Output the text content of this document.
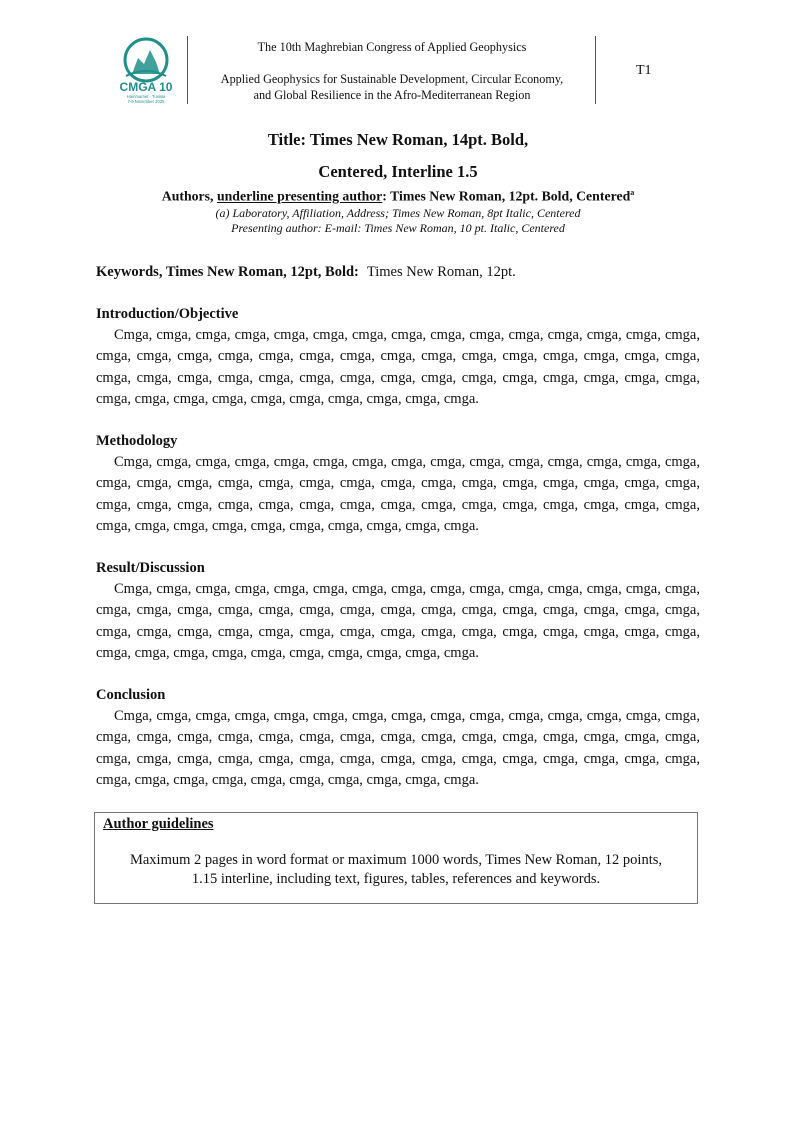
CMGA 10
Hammamet - Tunisia
7-9 November 2025
The 10th Maghrebian Congress of Applied Geophysics
Applied Geophysics for Sustainable Development, Circular Economy,
and Global Resilience in the Afro-Mediterranean Region
T1
Title: Times New Roman, 14pt. Bold,
Centered, Interline 1.5
Authors, underline presenting author: Times New Roman, 12pt. Bold, Centered$^a$
(a) Laboratory, Affiliation, Address; Times New Roman, 8pt Italic, Centered
Presenting author: E-mail: Times New Roman, 10 pt. Italic, Centered
Keywords, Times New Roman, 12pt, Bold: Times New Roman, 12pt.
Introduction/Objective

Cmga, cmga, cmga, cmga, cmga, cmga, cmga, cmga, cmga, cmga, cmga, cmga, cmga, cmga, cmga, cmga, cmga, cmga, cmga, cmga, cmga, cmga, cmga, cmga, cmga, cmga, cmga, cmga, cmga, cmga, cmga, cmga, cmga, cmga, cmga, cmga, cmga, cmga, cmga, cmga, cmga, cmga, cmga, cmga, cmga, cmga, cmga, cmga, cmga, cmga, cmga, cmga, cmga, cmga, cmga.

Methodology

Cmga, cmga, cmga, cmga, cmga, cmga, cmga, cmga, cmga, cmga, cmga, cmga, cmga, cmga, cmga, cmga, cmga, cmga, cmga, cmga, cmga, cmga, cmga, cmga, cmga, cmga, cmga, cmga, cmga, cmga, cmga, cmga, cmga, cmga, cmga, cmga, cmga, cmga, cmga, cmga, cmga, cmga, cmga, cmga, cmga, cmga, cmga, cmga, cmga, cmga, cmga, cmga, cmga, cmga, cmga.

Result/Discussion

Cmga, cmga, cmga, cmga, cmga, cmga, cmga, cmga, cmga, cmga, cmga, cmga, cmga, cmga, cmga, cmga, cmga, cmga, cmga, cmga, cmga, cmga, cmga, cmga, cmga, cmga, cmga, cmga, cmga, cmga, cmga, cmga, cmga, cmga, cmga, cmga, cmga, cmga, cmga, cmga, cmga, cmga, cmga, cmga, cmga, cmga, cmga, cmga, cmga, cmga, cmga, cmga, cmga, cmga, cmga.

Conclusion

Cmga, cmga, cmga, cmga, cmga, cmga, cmga, cmga, cmga, cmga, cmga, cmga, cmga, cmga, cmga, cmga, cmga, cmga, cmga, cmga, cmga, cmga, cmga, cmga, cmga, cmga, cmga, cmga, cmga, cmga, cmga, cmga, cmga, cmga, cmga, cmga, cmga, cmga, cmga, cmga, cmga, cmga, cmga, cmga, cmga, cmga, cmga, cmga, cmga, cmga, cmga, cmga, cmga, cmga, cmga.

Author guidelines
Maximum 2 pages in word format or maximum 1000 words, Times New Roman, 12 points,
1.15 interline, including text, figures, tables, references and keywords.
